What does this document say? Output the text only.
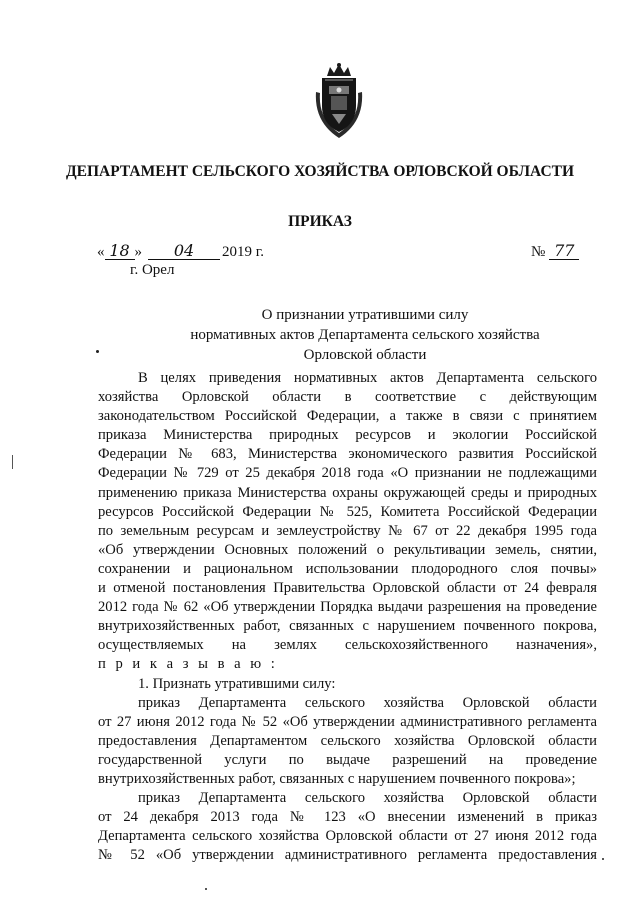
ДЕПАРТАМЕНТ СЕЛЬСКОГО ХОЗЯЙСТВА ОРЛОВСКОЙ ОБЛАСТИ
ПРИКАЗ
« 18 » 04 2019 г.	№ 77
г. Орел
О признании утратившими силу
нормативных актов Департамента сельского хозяйства
Орловской области
В целях приведения нормативных актов Департамента сельского
хозяйства Орловской области в соответствие с действующим
законодательством Российской Федерации, а также в связи с принятием
приказа Министерства природных ресурсов и экологии Российской
Федерации № 683, Министерства экономического развития Российской
Федерации № 729 от 25 декабря 2018 года «О признании не подлежащими
применению приказа Министерства охраны окружающей среды и природных
ресурсов Российской Федерации № 525, Комитета Российской Федерации
по земельным ресурсам и землеустройству № 67 от 22 декабря 1995 года
«Об утверждении Основных положений о рекультивации земель, снятии,
сохранении и рациональном использовании плодородного слоя почвы»
и отменой постановления Правительства Орловской области от 24 февраля
2012 года № 62 «Об утверждении Порядка выдачи разрешения на проведение
внутрихозяйственных работ, связанных с нарушением почвенного покрова,
осуществляемых на землях сельскохозяйственного назначения»,
п р и к а з ы в а ю :
1. Признать утратившими силу:
приказ Департамента сельского хозяйства Орловской области
от 27 июня 2012 года № 52 «Об утверждении административного регламента
предоставления Департаментом сельского хозяйства Орловской области
государственной услуги по выдаче разрешений на проведение
внутрихозяйственных работ, связанных с нарушением почвенного покрова»;
приказ Департамента сельского хозяйства Орловской области
от 24 декабря 2013 года № 123 «О внесении изменений в приказ
Департамента сельского хозяйства Орловской области от 27 июня 2012 года
№ 52 «Об утверждении административного регламента предоставления
